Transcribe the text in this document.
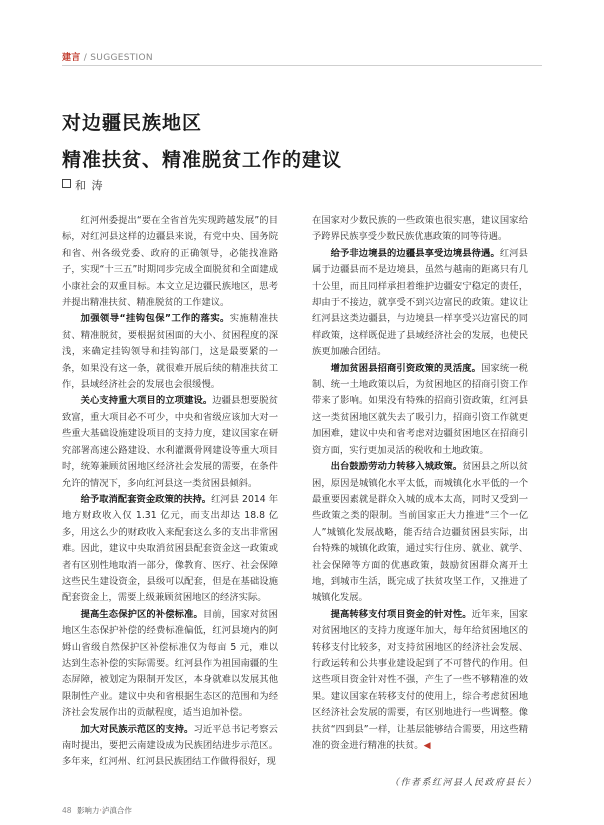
建言 / SUGGESTION
对边疆民族地区
精准扶贫、精准脱贫工作的建议
和 涛

红河州委提出“要在全省首先实现跨越发展”的目标，对红河县这样的边疆县来说，有党中央、国务院和省、州各级党委、政府的正确领导，必能找准路子，实现“十三五”时期同步完成全面脱贫和全面建成小康社会的双重目标。本文立足边疆民族地区，思考并提出精准扶贫、精准脱贫的工作建议。

加强领导“挂钩包保”工作的落实。实施精准扶贫、精准脱贫，要根据贫困面的大小、贫困程度的深浅，来确定挂钩领导和挂钩部门，这是最要紧的一条，如果没有这一条，就很难开展后续的精准扶贫工作，县域经济社会的发展也会很缓慢。

关心支持重大项目的立项建设。边疆县想要脱贫致富，重大项目必不可少，中央和省级应该加大对一些重大基础设施建设项目的支持力度，建议国家在研究部署高速公路建设、水利灌溉骨网建设等重大项目时，统筹兼顾贫困地区经济社会发展的需要，在条件允许的情况下，多向红河县这一类贫困县倾斜。

给予取消配套资金政策的扶持。红河县 2014 年地方财政收入仅 1.31 亿元，而支出却达 18.8 亿多，用这么少的财政收入来配套这么多的支出非常困难。因此，建议中央取消贫困县配套资金这一政策或者有区别性地取消一部分，像教育、医疗、社会保障这些民生建设资金，县级可以配套，但是在基础设施配套资金上，需要上级兼顾贫困地区的经济实际。

提高生态保护区的补偿标准。目前，国家对贫困地区生态保护补偿的经费标准偏低，红河县境内的阿姆山省级自然保护区补偿标准仅为每亩 5 元，难以达到生态补偿的实际需要。红河县作为祖国南疆的生态屏障，被划定为限制开发区，本身就难以发展其他限制性产业。建议中央和省根据生态区的范围和为经济社会发展作出的贡献程度，适当追加补偿。

加大对民族示范区的支持。习近平总书记考察云南时提出，要把云南建设成为民族团结进步示范区。多年来，红河州、红河县民族团结工作做得很好，现

在国家对少数民族的一些政策也很实惠，建议国家给予跨界民族享受少数民族优惠政策的同等待遇。

给予非边境县的边疆县享受边境县待遇。红河县属于边疆县而不是边境县，虽然与越南的距离只有几十公里，而且同样承担着维护边疆安宁稳定的责任，却由于不接边，就享受不到兴边富民的政策。建议让红河县这类边疆县，与边境县一样享受兴边富民的同样政策，这样既促进了县域经济社会的发展，也使民族更加融合团结。

增加贫困县招商引资政策的灵活度。国家统一税制、统一土地政策以后，为贫困地区的招商引资工作带来了影响。如果没有特殊的招商引资政策，红河县这一类贫困地区就失去了吸引力，招商引资工作就更加困难，建议中央和省考虑对边疆贫困地区在招商引资方面，实行更加灵活的税收和土地政策。

出台鼓励劳动力转移入城政策。贫困县之所以贫困，原因是城镇化水平太低，而城镇化水平低的一个最重要因素就是群众入城的成本太高，同时又受到一些政策之类的限制。当前国家正大力推进“三个一亿人”城镇化发展战略，能否结合边疆贫困县实际，出台特殊的城镇化政策，通过实行住房、就业、就学、社会保障等方面的优惠政策，鼓励贫困群众离开土地，到城市生活，既完成了扶贫攻坚工作，又推进了城镇化发展。

提高转移支付项目资金的针对性。近年来，国家对贫困地区的支持力度逐年加大，每年给贫困地区的转移支付比较多，对支持贫困地区的经济社会发展、行政运转和公共事业建设起到了不可替代的作用。但这些项目资金针对性不强，产生了一些不够精准的效果。建议国家在转移支付的使用上，综合考虑贫困地区经济社会发展的需要，有区别地进行一些调整。像扶贫“四到县”一样，让基层能够结合需要，用这些精准的资金进行精准的扶贫。◀

（作者系红河县人民政府县长）
48 影响力·泸滇合作
